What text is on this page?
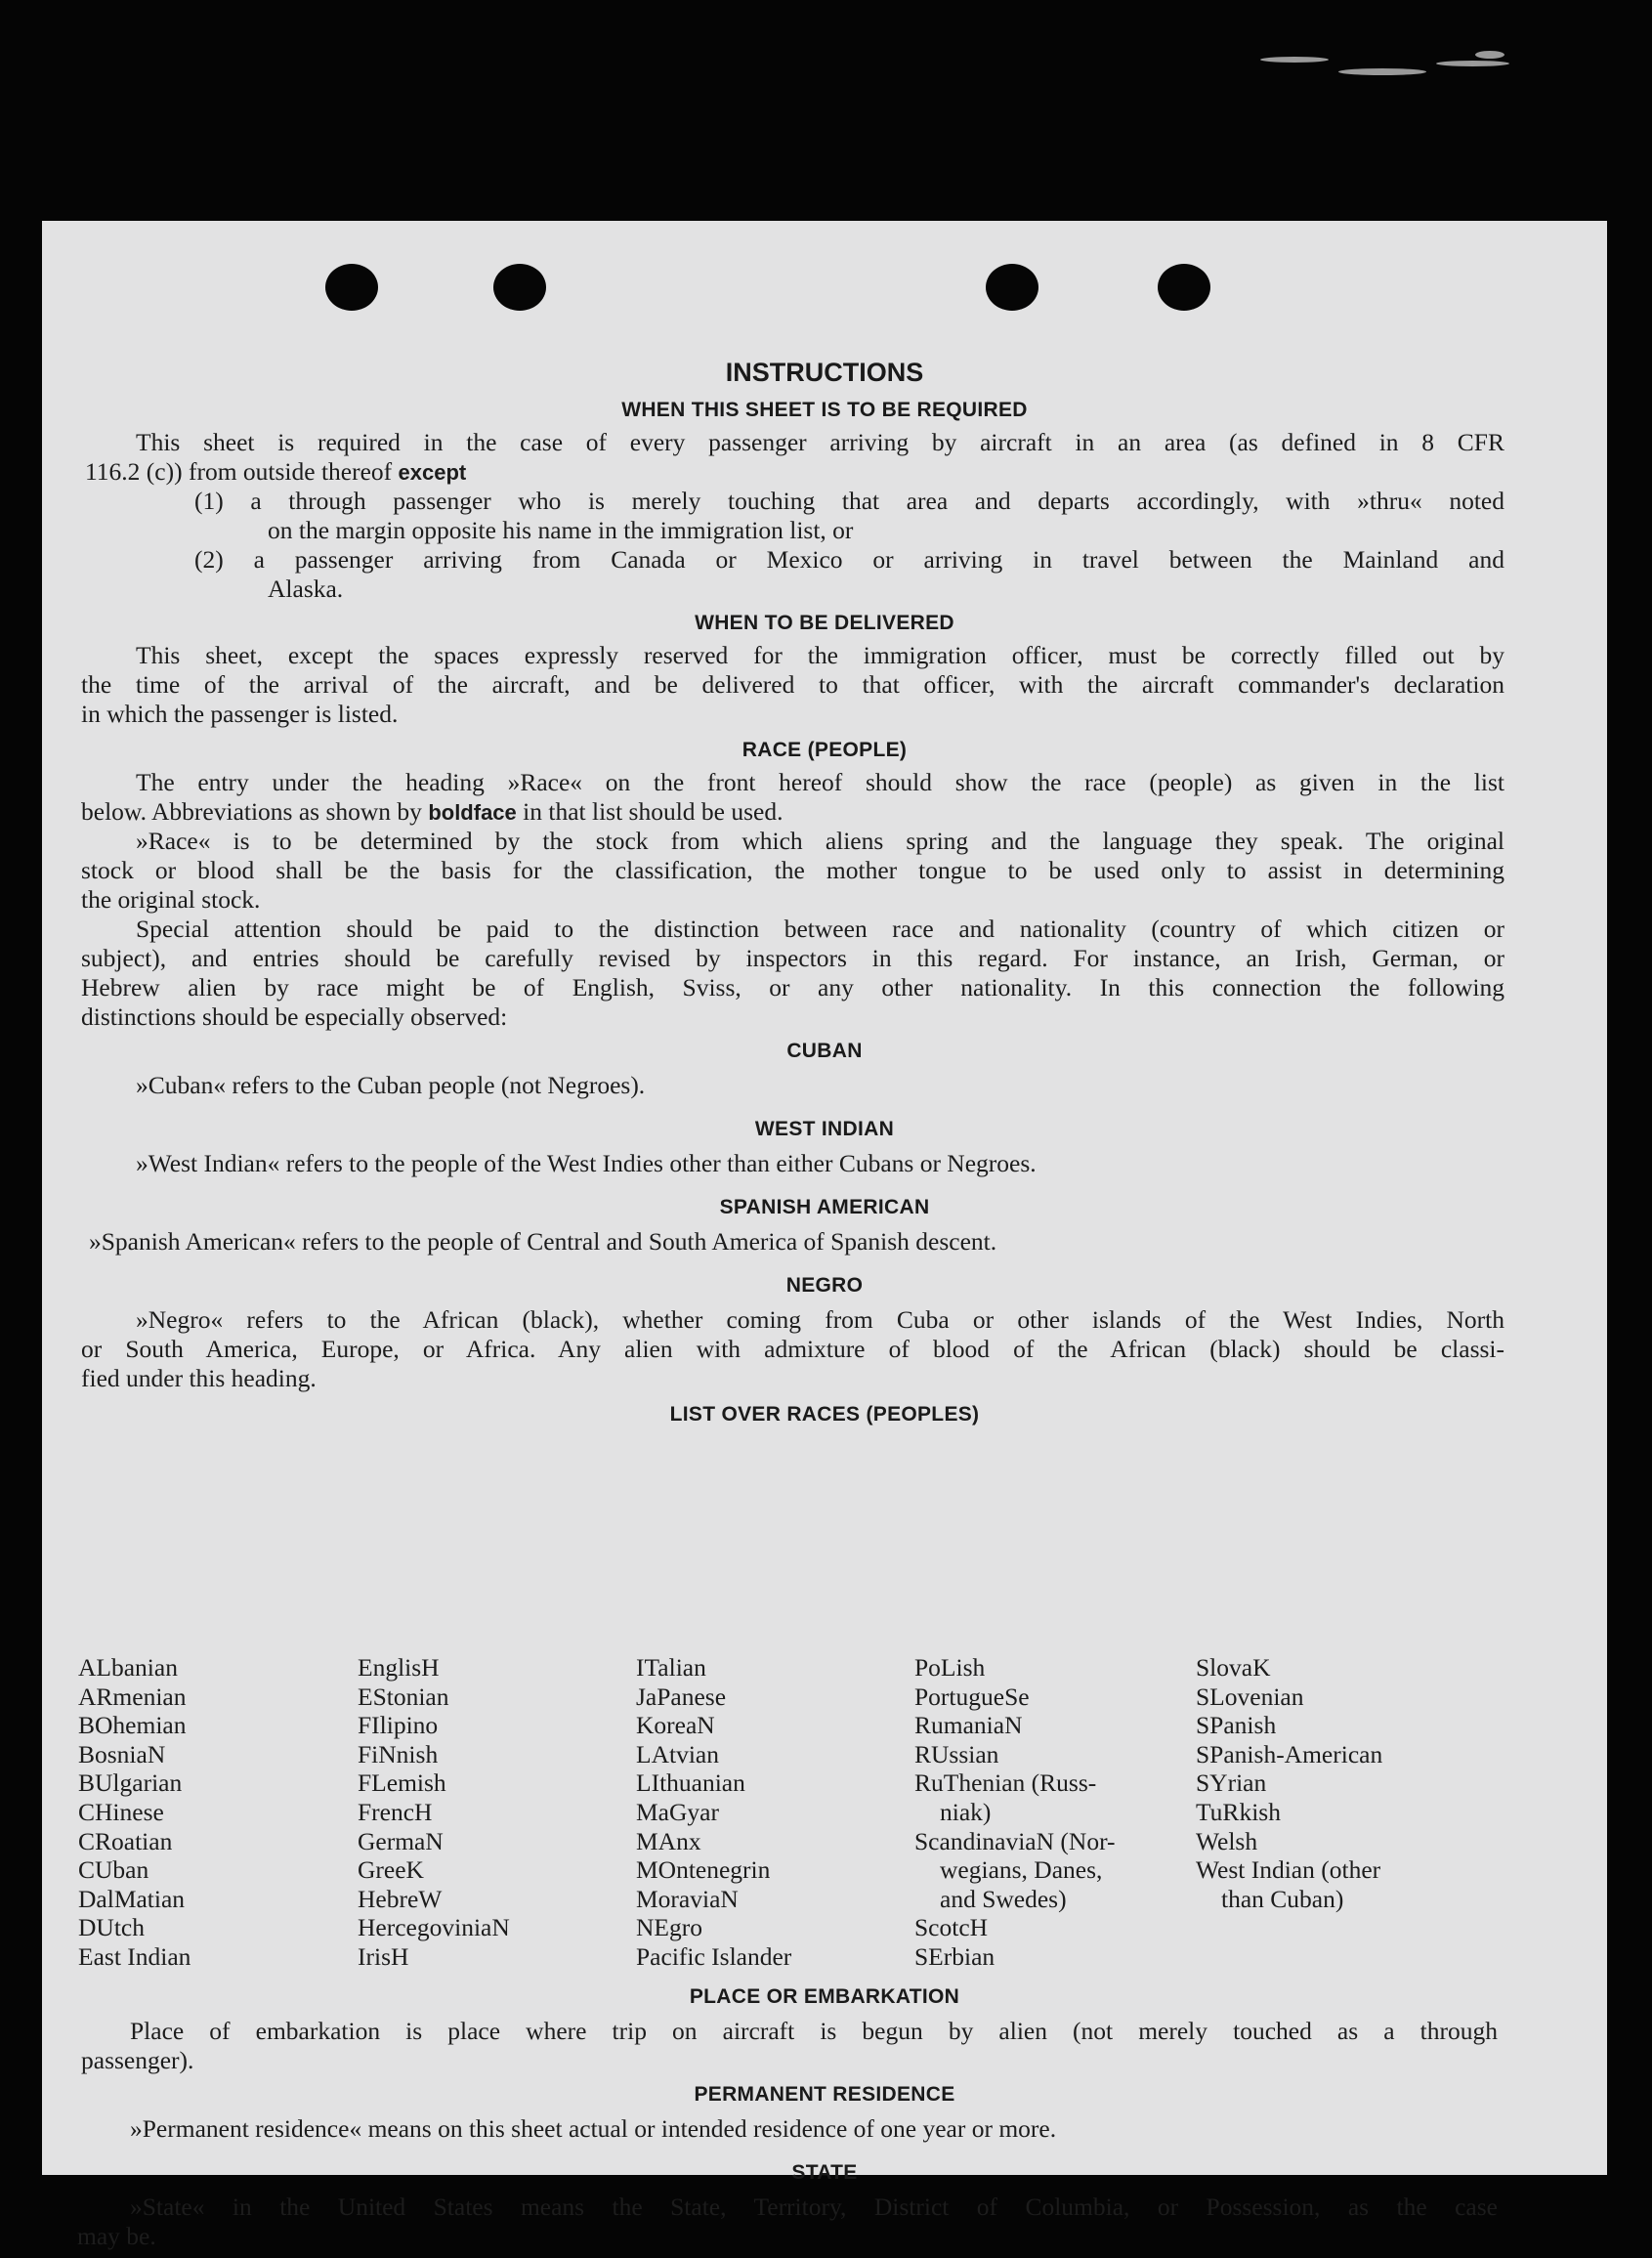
INSTRUCTIONS
WHEN THIS SHEET IS TO BE REQUIRED
This sheet is required in the case of every passenger arriving by aircraft in an area (as defined in 8 CFR
116.2 (c)) from outside thereof except
(1) a through passenger who is merely touching that area and departs accordingly, with »thru« noted
on the margin opposite his name in the immigration list, or
(2) a passenger arriving from Canada or Mexico or arriving in travel between the Mainland and
Alaska.
WHEN TO BE DELIVERED
This sheet, except the spaces expressly reserved for the immigration officer, must be correctly filled out by
the time of the arrival of the aircraft, and be delivered to that officer, with the aircraft commander's declaration
in which the passenger is listed.
RACE (PEOPLE)
The entry under the heading »Race« on the front hereof should show the race (people) as given in the list
below. Abbreviations as shown by boldface in that list should be used.
»Race« is to be determined by the stock from which aliens spring and the language they speak. The original
stock or blood shall be the basis for the classification, the mother tongue to be used only to assist in determining
the original stock.
Special attention should be paid to the distinction between race and nationality (country of which citizen or
subject), and entries should be carefully revised by inspectors in this regard. For instance, an Irish, German, or
Hebrew alien by race might be of English, Sviss, or any other nationality. In this connection the following
distinctions should be especially observed:
CUBAN
»Cuban« refers to the Cuban people (not Negroes).
WEST INDIAN
»West Indian« refers to the people of the West Indies other than either Cubans or Negroes.
SPANISH AMERICAN
»Spanish American« refers to the people of Central and South America of Spanish descent.
NEGRO
»Negro« refers to the African (black), whether coming from Cuba or other islands of the West Indies, North
or South America, Europe, or Africa. Any alien with admixture of blood of the African (black) should be classi-
fied under this heading.
LIST OVER RACES (PEOPLES)
ALbanian
ARmenian
BOhemian
BosniaN
BUlgarian
CHinese
CRoatian
CUban
DalMatian
DUtch
East Indian
EnglisH
EStonian
FIlipino
FiNnish
FLemish
FrencH
GermaN
GreeK
HebreW
HercegoviniaN
IrisH
ITalian
JaPanese
KoreaN
LAtvian
LIthuanian
MaGyar
MAnx
MOntenegrin
MoraviaN
NEgro
Pacific Islander
PoLish
PortugueSe
RumaniaN
RUssian
RuThenian (Russ-
niak)
ScandinaviaN (Nor-
wegians, Danes,
and Swedes)
ScotcH
SErbian
SlovaK
SLovenian
SPanish
SPanish-American
SYrian
TuRkish
Welsh
West Indian (other
than Cuban)
PLACE OR EMBARKATION
Place of embarkation is place where trip on aircraft is begun by alien (not merely touched as a through
passenger).
PERMANENT RESIDENCE
»Permanent residence« means on this sheet actual or intended residence of one year or more.
STATE
»State« in the United States means the State, Territory, District of Columbia, or Possession, as the case
may be.
